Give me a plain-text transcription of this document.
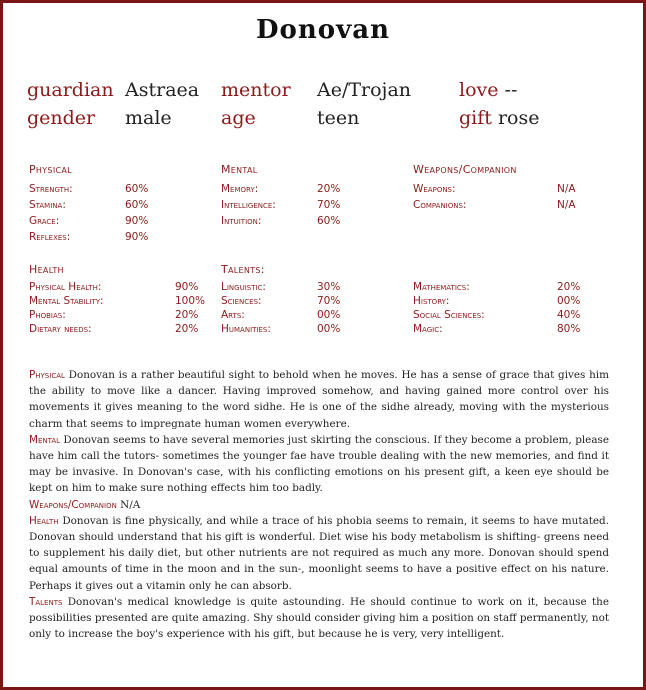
Donovan
guardian Astraea mentor Ae/Trojan	love --
gender male	age	teen	gift rose
Physical	Mental	Weapons/Companion
Health	Talents:
Strength:	60%
Stamina:	60%
Grace:	90%
Reflexes:	90%
Memory:	20%
Intelligence:	70%
Intuition:	60%
Weapons:	N/A
Companions:	N/A
Physical Health:	90%
Mental Stability:	100%
Phobias:	20%
Dietary needs:	20%
Linguistic:	30%
Sciences:	70%
Arts:	00%
Humanities:	00%
Mathematics:	20%
History:	00%
Social Sciences:	40%
Magic:	80%

Physical Donovan is a rather beautiful sight to behold when he moves. He has a sense of grace that gives him the ability to move like a dancer. Having improved somehow, and having gained more control over his movements it gives meaning to the word sidhe. He is one of the sidhe already, moving with the mysterious charm that seems to impregnate human women everywhere.

Mental Donovan seems to have several memories just skirting the conscious. If they become a problem, please have him call the tutors- sometimes the younger fae have trouble dealing with the new memories, and find it may be invasive. In Donovan's case, with his conflicting emotions on his present gift, a keen eye should be kept on him to make sure nothing effects him too badly.

Weapons/Companion N/A

Health Donovan is fine physically, and while a trace of his phobia seems to remain, it seems to have mutated. Donovan should understand that his gift is wonderful. Diet wise his body metabolism is shifting- greens need to supplement his daily diet, but other nutrients are not required as much any more. Donovan should spend equal amounts of time in the moon and in the sun-, moonlight seems to have a positive effect on his nature. Perhaps it gives out a vitamin only he can absorb.

Talents Donovan's medical knowledge is quite astounding. He should continue to work on it, because the possibilities presented are quite amazing. Shy should consider giving him a position on staff permanently, not only to increase the boy's experience with his gift, but because he is very, very intelligent.
